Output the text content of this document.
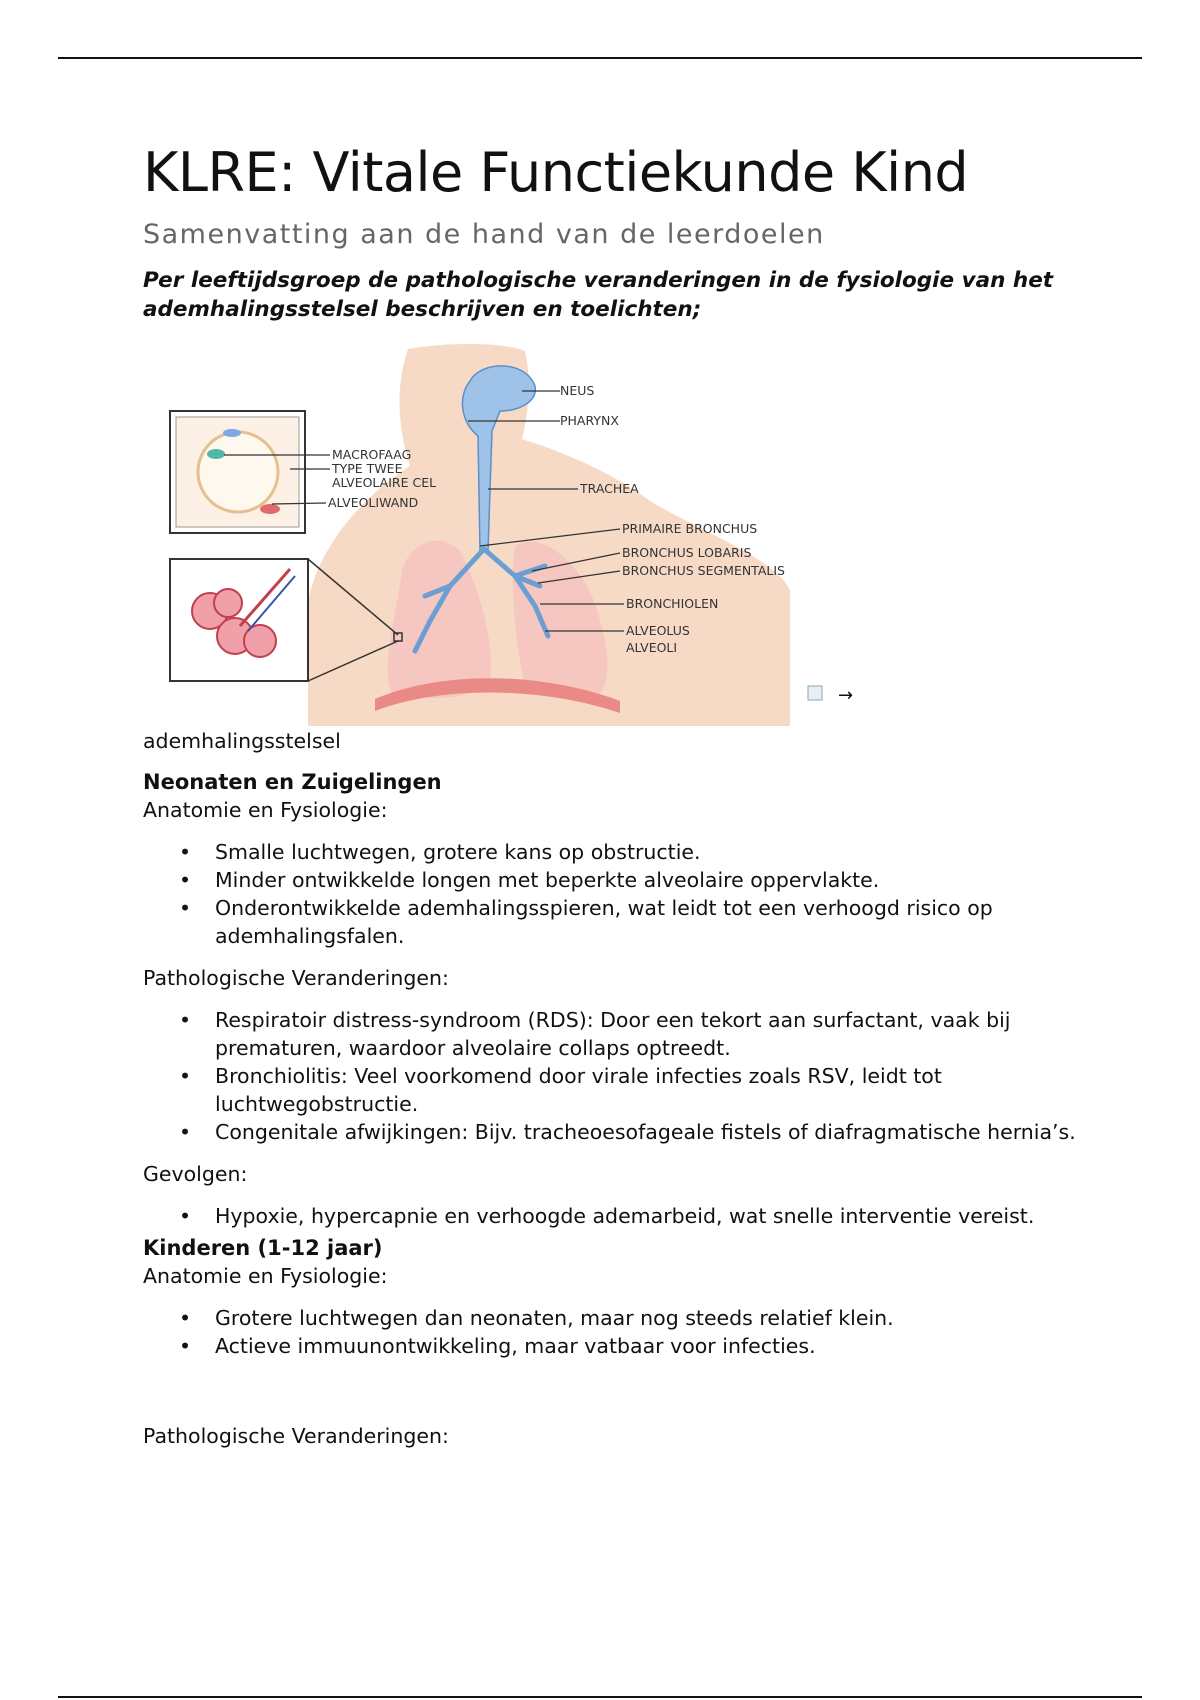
KLRE: Vitale Functiekunde Kind
Samenvatting aan de hand van de leerdoelen
Per leeftijdsgroep de pathologische veranderingen in de fysiologie van het ademhalingsstelsel beschrijven en toelichten;
NEUS
PHARYNX
TRACHEA
PRIMAIRE BRONCHUS
BRONCHUS LOBARIS
BRONCHUS SEGMENTALIS
BRONCHIOLEN
ALVEOLUS
ALVEOLI
MACROFAAG
TYPE TWEE
ALVEOLAIRE CEL
ALVEOLIWAND
→
ademhalingsstelsel
Neonaten en Zuigelingen
Anatomie en Fysiologie:
• Smalle luchtwegen, grotere kans op obstructie.
• Minder ontwikkelde longen met beperkte alveolaire oppervlakte.
• Onderontwikkelde ademhalingsspieren, wat leidt tot een verhoogd risico op ademhalingsfalen.
Pathologische Veranderingen:
• Respiratoir distress-syndroom (RDS): Door een tekort aan surfactant, vaak bij prematuren, waardoor alveolaire collaps optreedt.
• Bronchiolitis: Veel voorkomend door virale infecties zoals RSV, leidt tot luchtwegobstructie.
• Congenitale afwijkingen: Bijv. tracheoesofageale fistels of diafragmatische hernia’s.
Gevolgen:
• Hypoxie, hypercapnie en verhoogde ademarbeid, wat snelle interventie vereist.
Kinderen (1-12 jaar)
Anatomie en Fysiologie:
• Grotere luchtwegen dan neonaten, maar nog steeds relatief klein.
• Actieve immuunontwikkeling, maar vatbaar voor infecties.
Pathologische Veranderingen:
